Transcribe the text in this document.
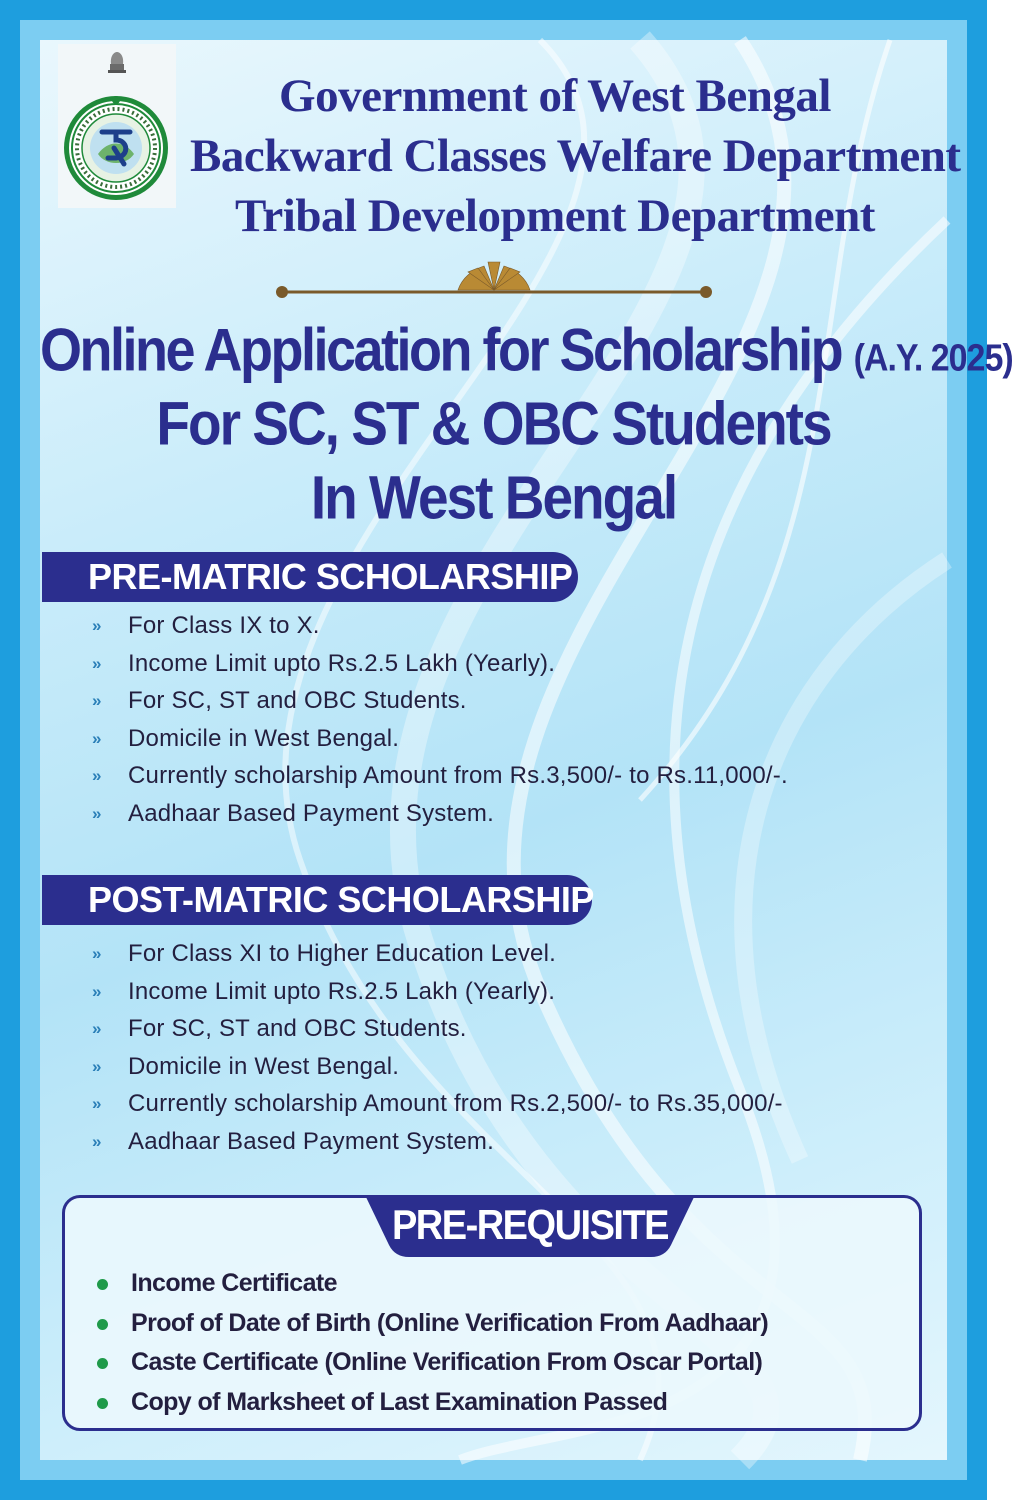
Government of West Bengal
Backward Classes Welfare Department
Tribal Development Department
Online Application for Scholarship (A.Y. 2025)
For SC, ST & OBC Students
In West Bengal
PRE-MATRIC SCHOLARSHIP
» For Class IX to X.
» Income Limit upto Rs.2.5 Lakh (Yearly).
» For SC, ST and OBC Students.
» Domicile in West Bengal.
» Currently scholarship Amount from Rs.3,500/- to Rs.11,000/-.
» Aadhaar Based Payment System.
POST-MATRIC SCHOLARSHIP
» For Class XI to Higher Education Level.
» Income Limit upto Rs.2.5 Lakh (Yearly).
» For SC, ST and OBC Students.
» Domicile in West Bengal.
» Currently scholarship Amount from Rs.2,500/- to Rs.35,000/-
» Aadhaar Based Payment System.
PRE-REQUISITE
Income Certificate
Proof of Date of Birth (Online Verification From Aadhaar)
Caste Certificate (Online Verification From Oscar Portal)
Copy of Marksheet of Last Examination Passed
